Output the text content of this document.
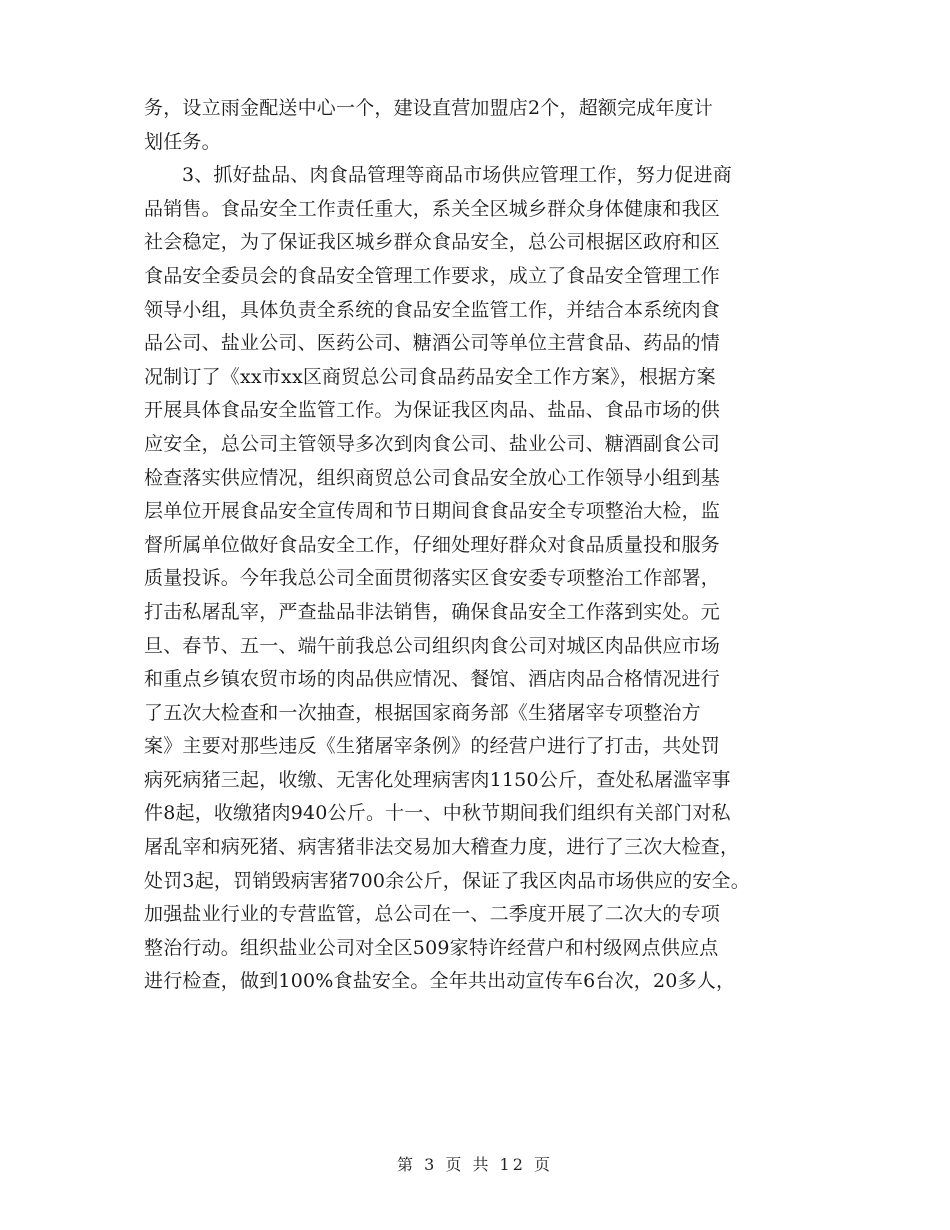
务，设立雨金配送中心一个，建设直营加盟店2个，超额完成年度计
划任务。
3、抓好盐品、肉食品管理等商品市场供应管理工作，努力促进商
品销售。食品安全工作责任重大，系关全区城乡群众身体健康和我区
社会稳定，为了保证我区城乡群众食品安全，总公司根据区政府和区
食品安全委员会的食品安全管理工作要求，成立了食品安全管理工作
领导小组，具体负责全系统的食品安全监管工作，并结合本系统肉食
品公司、盐业公司、医药公司、糖酒公司等单位主营食品、药品的情
况制订了《xx市xx区商贸总公司食品药品安全工作方案》，根据方案
开展具体食品安全监管工作。为保证我区肉品、盐品、食品市场的供
应安全，总公司主管领导多次到肉食公司、盐业公司、糖酒副食公司
检查落实供应情况，组织商贸总公司食品安全放心工作领导小组到基
层单位开展食品安全宣传周和节日期间食食品安全专项整治大检，监
督所属单位做好食品安全工作，仔细处理好群众对食品质量投和服务
质量投诉。今年我总公司全面贯彻落实区食安委专项整治工作部署，
打击私屠乱宰，严查盐品非法销售，确保食品安全工作落到实处。元
旦、春节、五一、端午前我总公司组织肉食公司对城区肉品供应市场
和重点乡镇农贸市场的肉品供应情况、餐馆、酒店肉品合格情况进行
了五次大检查和一次抽查，根据国家商务部《生猪屠宰专项整治方
案》主要对那些违反《生猪屠宰条例》的经营户进行了打击，共处罚
病死病猪三起，收缴、无害化处理病害肉1150公斤，查处私屠滥宰事
件8起，收缴猪肉940公斤。十一、中秋节期间我们组织有关部门对私
屠乱宰和病死猪、病害猪非法交易加大稽查力度，进行了三次大检查，
处罚3起，罚销毁病害猪700余公斤，保证了我区肉品市场供应的安全。
加强盐业行业的专营监管，总公司在一、二季度开展了二次大的专项
整治行动。组织盐业公司对全区509家特许经营户和村级网点供应点
进行检查，做到100%食盐安全。全年共出动宣传车6台次，20多人，
第 3 页 共 12 页
